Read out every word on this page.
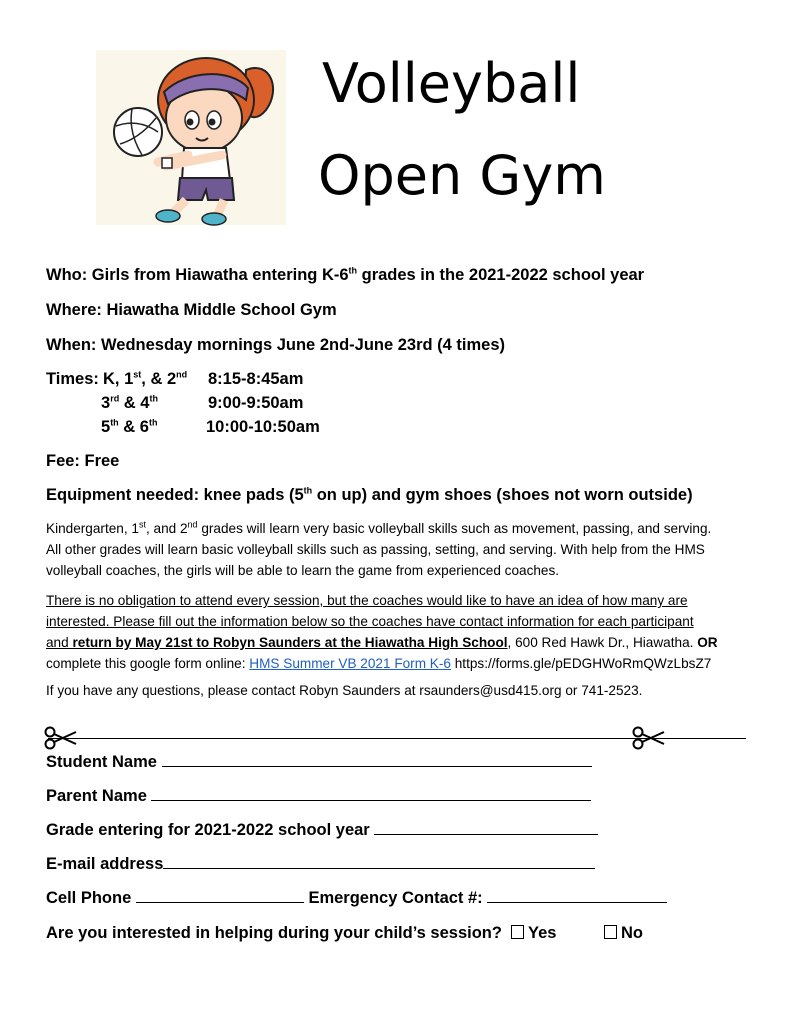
Volleyball
Open Gym
Who: Girls from Hiawatha entering K-6th grades in the 2021-2022 school year
Where: Hiawatha Middle School Gym
When: Wednesday mornings June 2nd-June 23rd (4 times)
Times: K, 1st, & 2nd 8:15-8:45am
3rd & 4th	9:00-9:50am
5th & 6th	10:00-10:50am
Fee: Free
Equipment needed: knee pads (5th on up) and gym shoes (shoes not worn outside)
Kindergarten, 1st, and 2nd grades will learn very basic volleyball skills such as movement, passing, and serving.
All other grades will learn basic volleyball skills such as passing, setting, and serving. With help from the HMS
volleyball coaches, the girls will be able to learn the game from experienced coaches.
There is no obligation to attend every session, but the coaches would like to have an idea of how many are
interested. Please fill out the information below so the coaches have contact information for each participant
and return by May 21st to Robyn Saunders at the Hiawatha High School, 600 Red Hawk Dr., Hiawatha. OR
complete this google form online: HMS Summer VB 2021 Form K-6 https://forms.gle/pEDGHWoRmQWzLbsZ7
If you have any questions, please contact Robyn Saunders at rsaunders@usd415.org or 741-2523.
Student Name
Parent Name
Grade entering for 2021-2022 school year
E-mail address
Cell Phone	Emergency Contact #:
Are you interested in helping during your child’s session?	Yes	No
